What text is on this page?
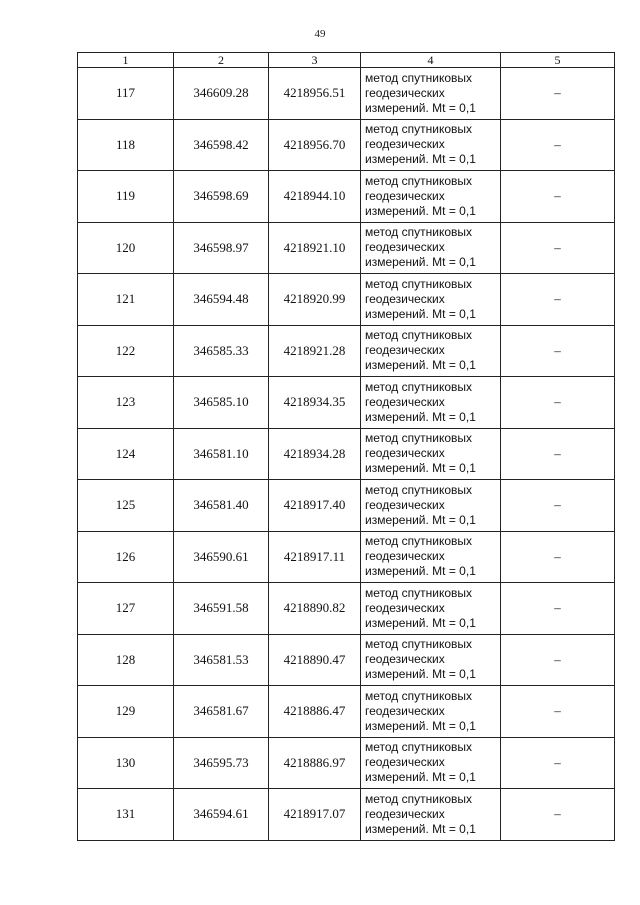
49
1	2	3	4	5
117	346609.28	4218956.51	метод спутниковых
геодезических
измерений. Mt = 0,1	–
118	346598.42	4218956.70	метод спутниковых
геодезических
измерений. Mt = 0,1	–
119	346598.69	4218944.10	метод спутниковых
геодезических
измерений. Mt = 0,1	–
120	346598.97	4218921.10	метод спутниковых
геодезических
измерений. Mt = 0,1	–
121	346594.48	4218920.99	метод спутниковых
геодезических
измерений. Mt = 0,1	–
122	346585.33	4218921.28	метод спутниковых
геодезических
измерений. Mt = 0,1	–
123	346585.10	4218934.35	метод спутниковых
геодезических
измерений. Mt = 0,1	–
124	346581.10	4218934.28	метод спутниковых
геодезических
измерений. Mt = 0,1	–
125	346581.40	4218917.40	метод спутниковых
геодезических
измерений. Mt = 0,1	–
126	346590.61	4218917.11	метод спутниковых
геодезических
измерений. Mt = 0,1	–
127	346591.58	4218890.82	метод спутниковых
геодезических
измерений. Mt = 0,1	–
128	346581.53	4218890.47	метод спутниковых
геодезических
измерений. Mt = 0,1	–
129	346581.67	4218886.47	метод спутниковых
геодезических
измерений. Mt = 0,1	–
130	346595.73	4218886.97	метод спутниковых
геодезических
измерений. Mt = 0,1	–
131	346594.61	4218917.07	метод спутниковых
геодезических
измерений. Mt = 0,1	–
